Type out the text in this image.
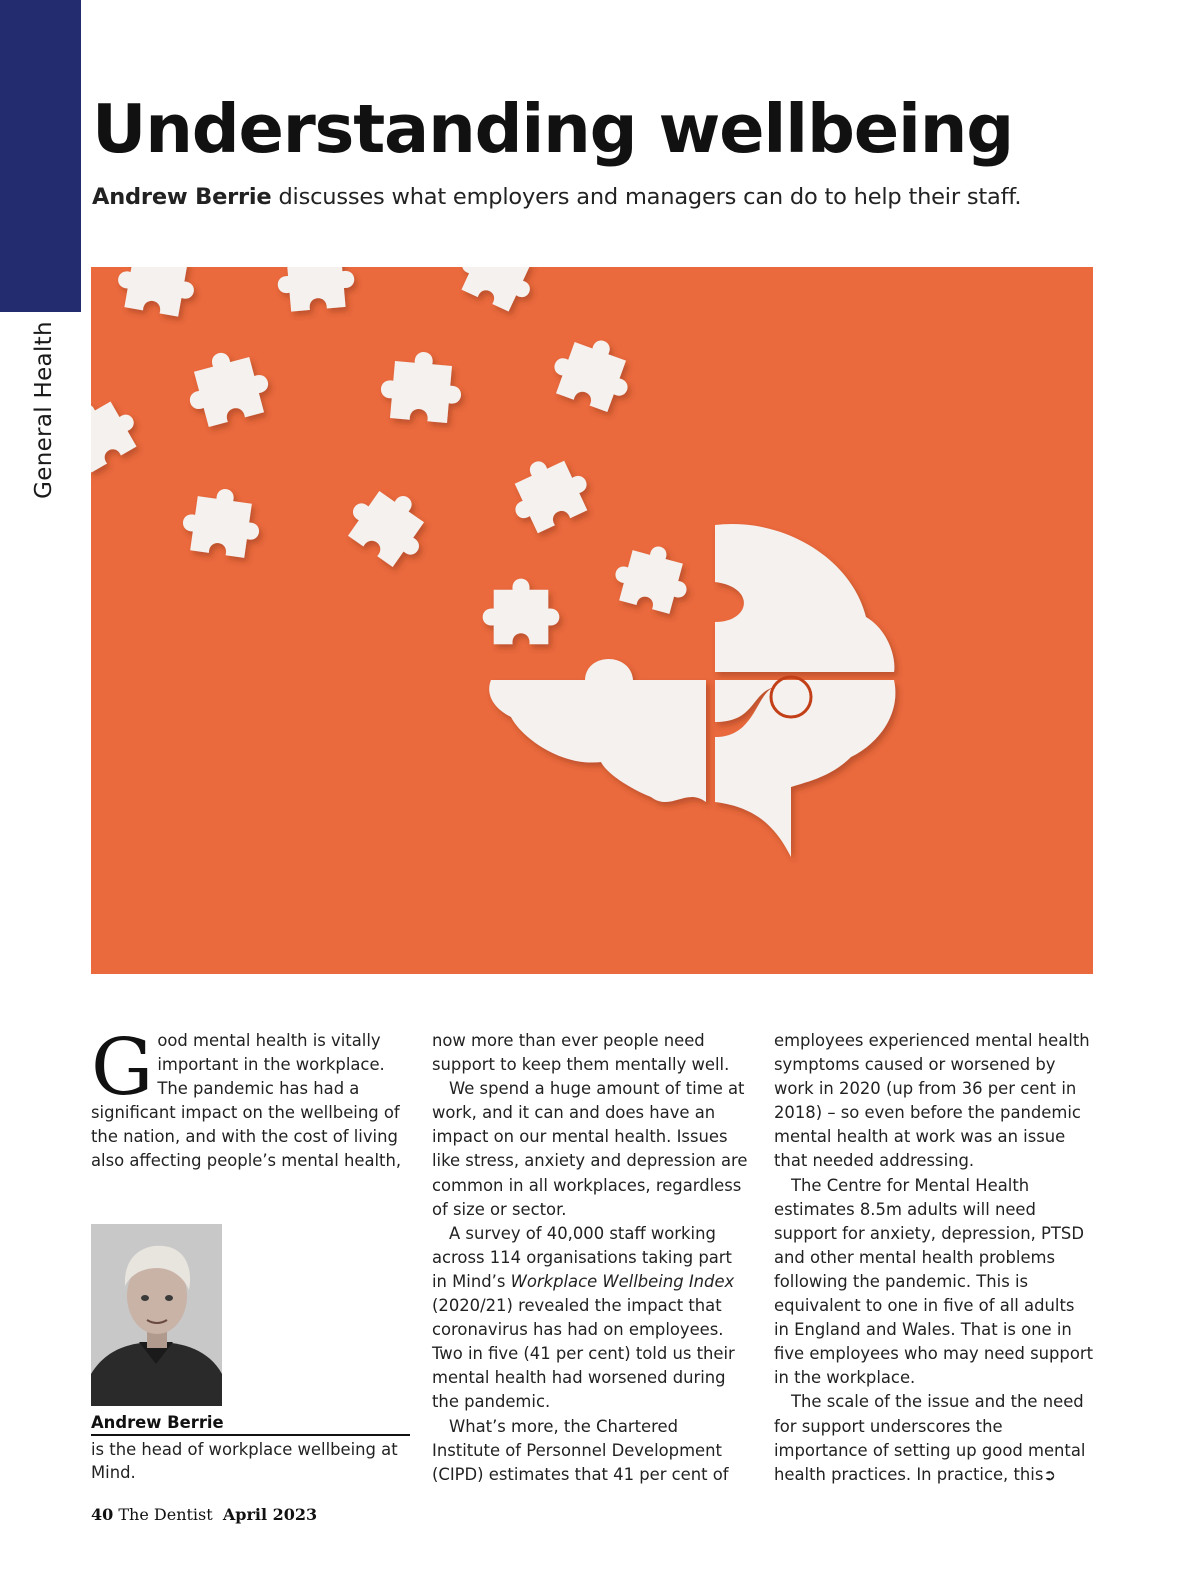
General Health
Understanding wellbeing
Andrew Berrie discusses what employers and managers can do to help their staff.

Good mental health is vitally important in the workplace. The pandemic has had a significant impact on the wellbeing of the nation, and with the cost of living also affecting people’s mental health,

Andrew Berrie
is the head of workplace wellbeing at Mind.

now more than ever people need support to keep them mentally well.

We spend a huge amount of time at work, and it can and does have an impact on our mental health. Issues like stress, anxiety and depression are common in all workplaces, regardless of size or sector.

A survey of 40,000 staff working across 114 organisations taking part in Mind’s Workplace Wellbeing Index (2020/21) revealed the impact that coronavirus has had on employees. Two in five (41 per cent) told us their mental health had worsened during the pandemic.

What’s more, the Chartered Institute of Personnel Development (CIPD) estimates that 41 per cent of

employees experienced mental health symptoms caused or worsened by work in 2020 (up from 36 per cent in 2018) – so even before the pandemic mental health at work was an issue that needed addressing.

The Centre for Mental Health estimates 8.5m adults will need support for anxiety, depression, PTSD and other mental health problems following the pandemic. This is equivalent to one in five of all adults in England and Wales. That is one in five employees who may need support in the workplace.

The scale of the issue and the need for support underscores the importance of setting up good mental health practices. In practice, this➲

40 The Dentist April 2023
